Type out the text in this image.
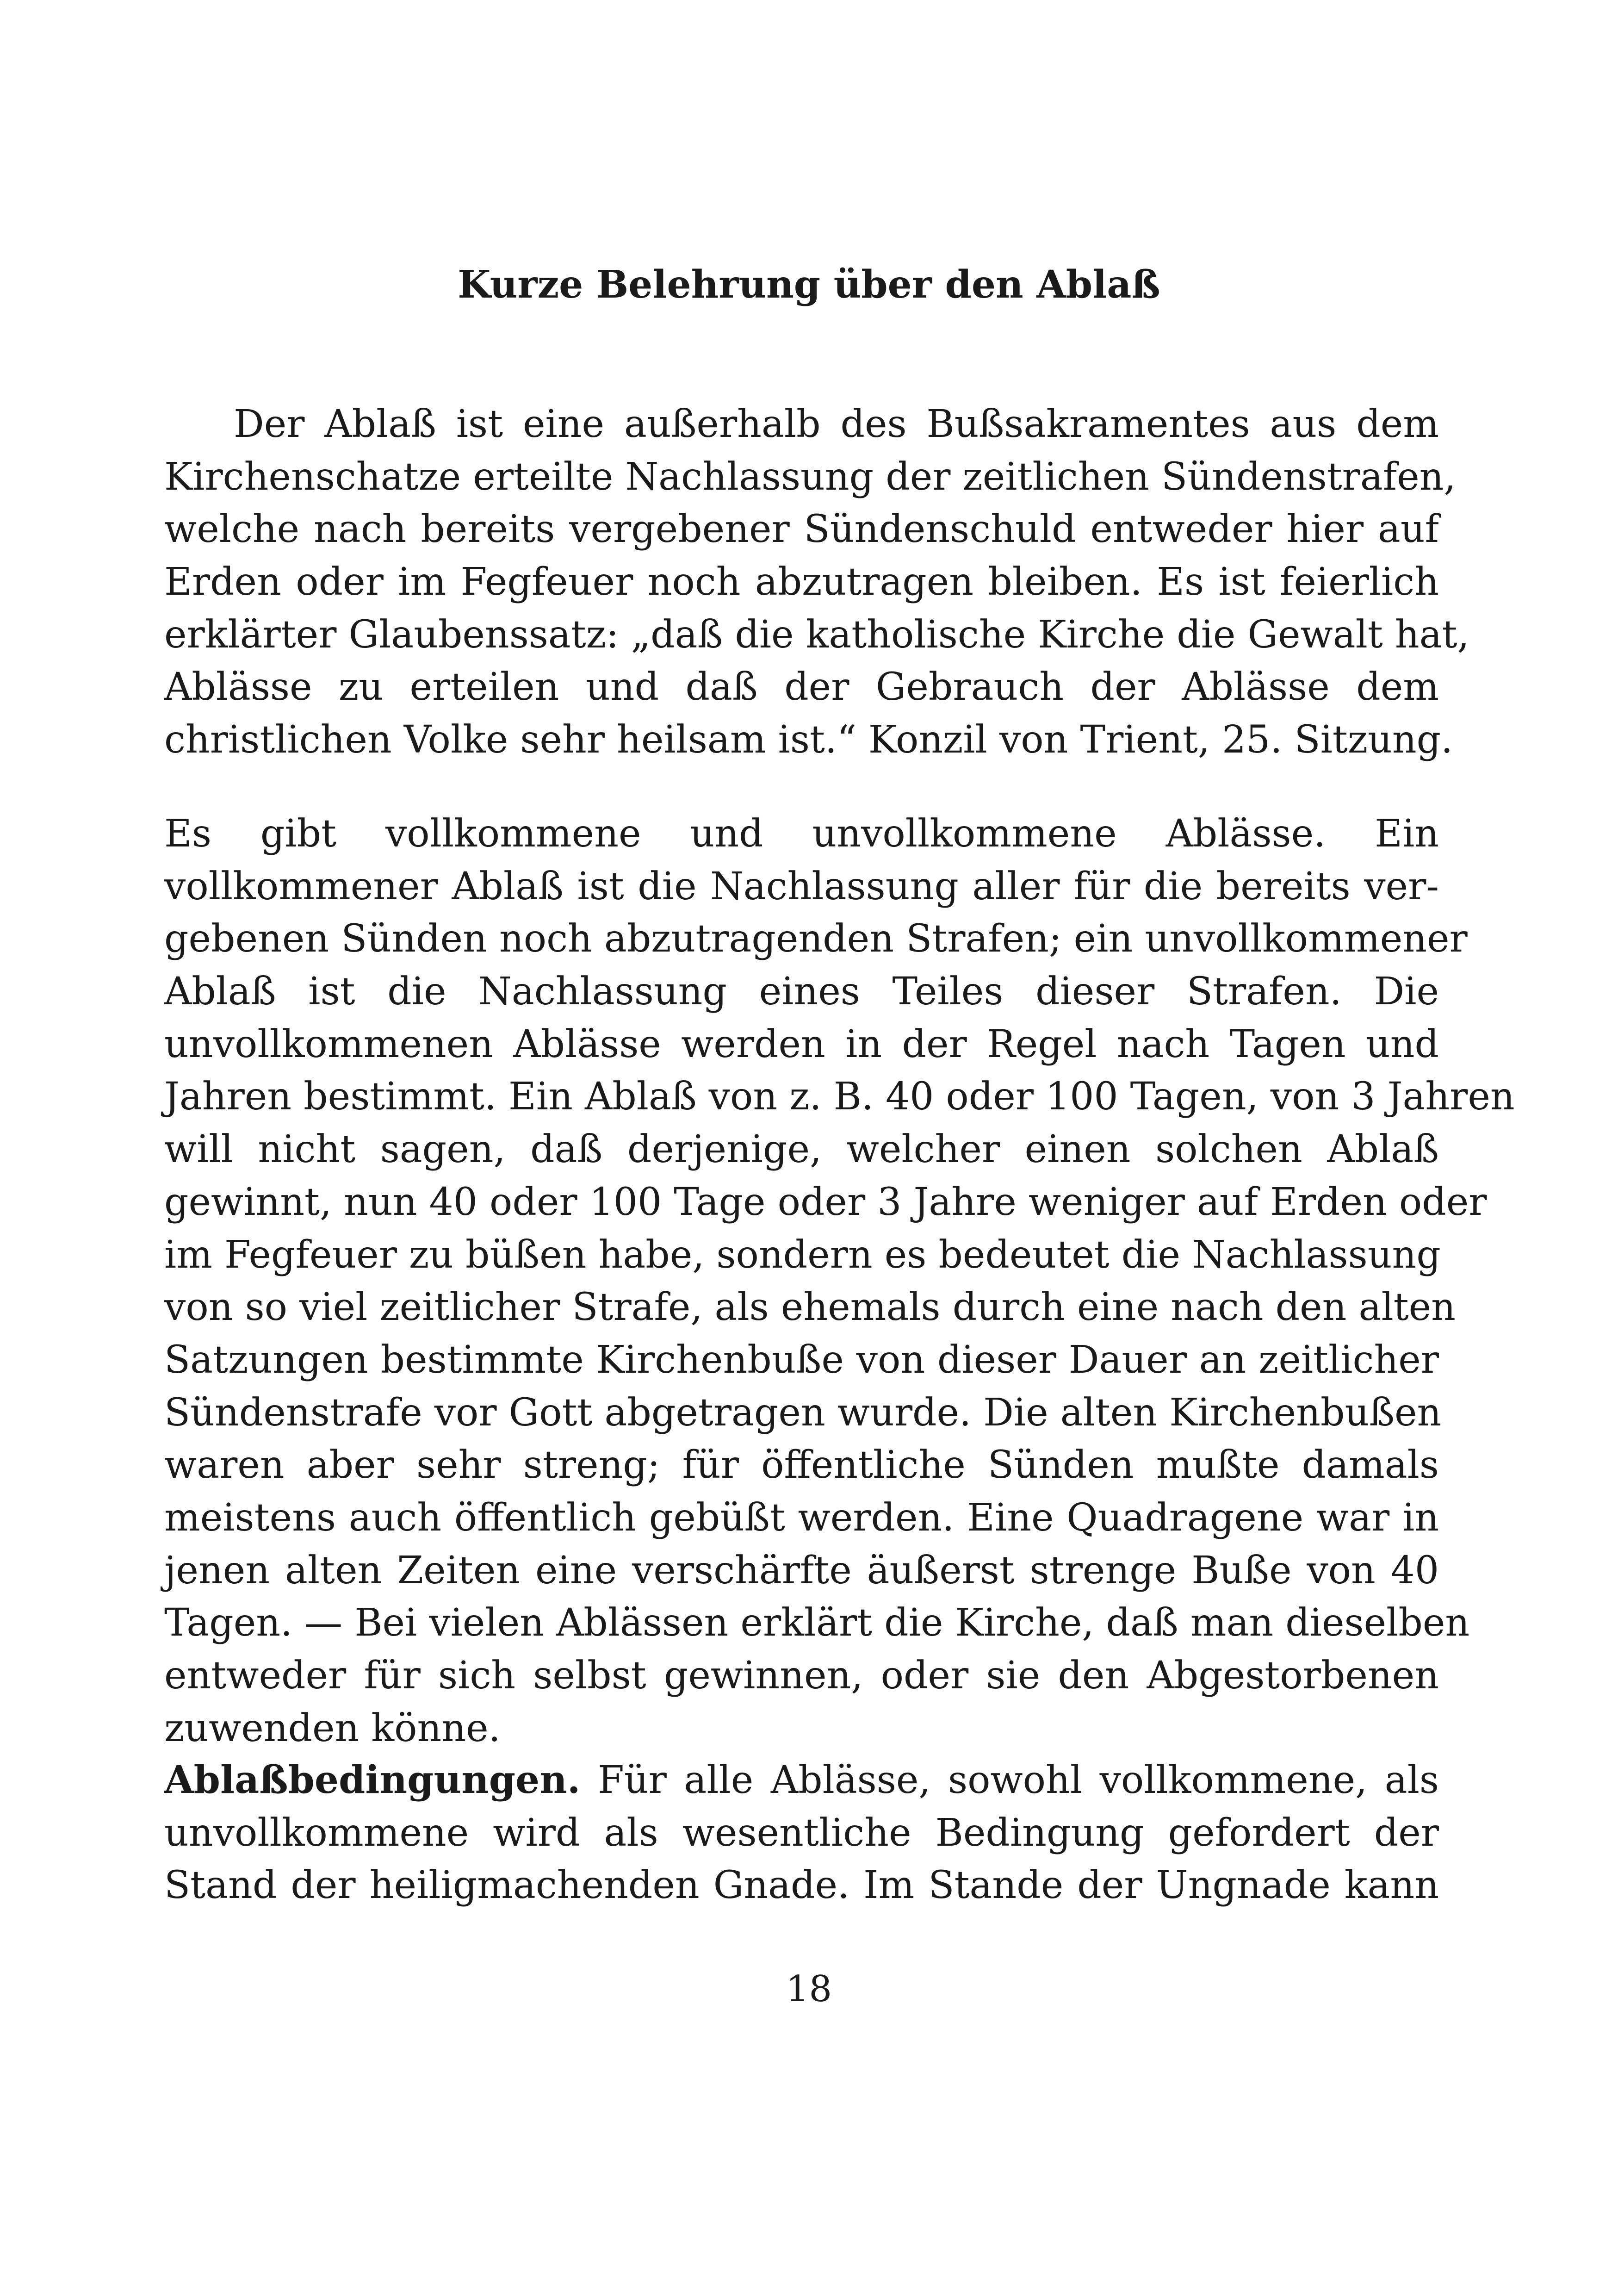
Kurze Belehrung über den Ablaß
Der Ablaß ist eine außerhalb des Bußsakramentes aus dem
Kirchenschatze erteilte Nachlassung der zeitlichen Sündenstrafen,
welche nach bereits vergebener Sündenschuld entweder hier auf
Erden oder im Fegfeuer noch abzutragen bleiben. Es ist feierlich
erklärter Glaubenssatz: „daß die katholische Kirche die Gewalt hat,
Ablässe zu erteilen und daß der Gebrauch der Ablässe dem
christlichen Volke sehr heilsam ist.“ Konzil von Trient, 25. Sitzung.
Es gibt vollkommene und unvollkommene Ablässe. Ein
vollkommener Ablaß ist die Nachlassung aller für die bereits ver-
gebenen Sünden noch abzutragenden Strafen; ein unvollkommener
Ablaß ist die Nachlassung eines Teiles dieser Strafen. Die
unvollkommenen Ablässe werden in der Regel nach Tagen und
Jahren bestimmt. Ein Ablaß von z. B. 40 oder 100 Tagen, von 3 Jahren
will nicht sagen, daß derjenige, welcher einen solchen Ablaß
gewinnt, nun 40 oder 100 Tage oder 3 Jahre weniger auf Erden oder
im Fegfeuer zu büßen habe, sondern es bedeutet die Nachlassung
von so viel zeitlicher Strafe, als ehemals durch eine nach den alten
Satzungen bestimmte Kirchenbuße von dieser Dauer an zeitlicher
Sündenstrafe vor Gott abgetragen wurde. Die alten Kirchenbußen
waren aber sehr streng; für öffentliche Sünden mußte damals
meistens auch öffentlich gebüßt werden. Eine Quadragene war in
jenen alten Zeiten eine verschärfte äußerst strenge Buße von 40
Tagen. — Bei vielen Ablässen erklärt die Kirche, daß man dieselben
entweder für sich selbst gewinnen, oder sie den Abgestorbenen
zuwenden könne.
Ablaßbedingungen. Für alle Ablässe, sowohl vollkommene, als
unvollkommene wird als wesentliche Bedingung gefordert der
Stand der heiligmachenden Gnade. Im Stande der Ungnade kann
18
